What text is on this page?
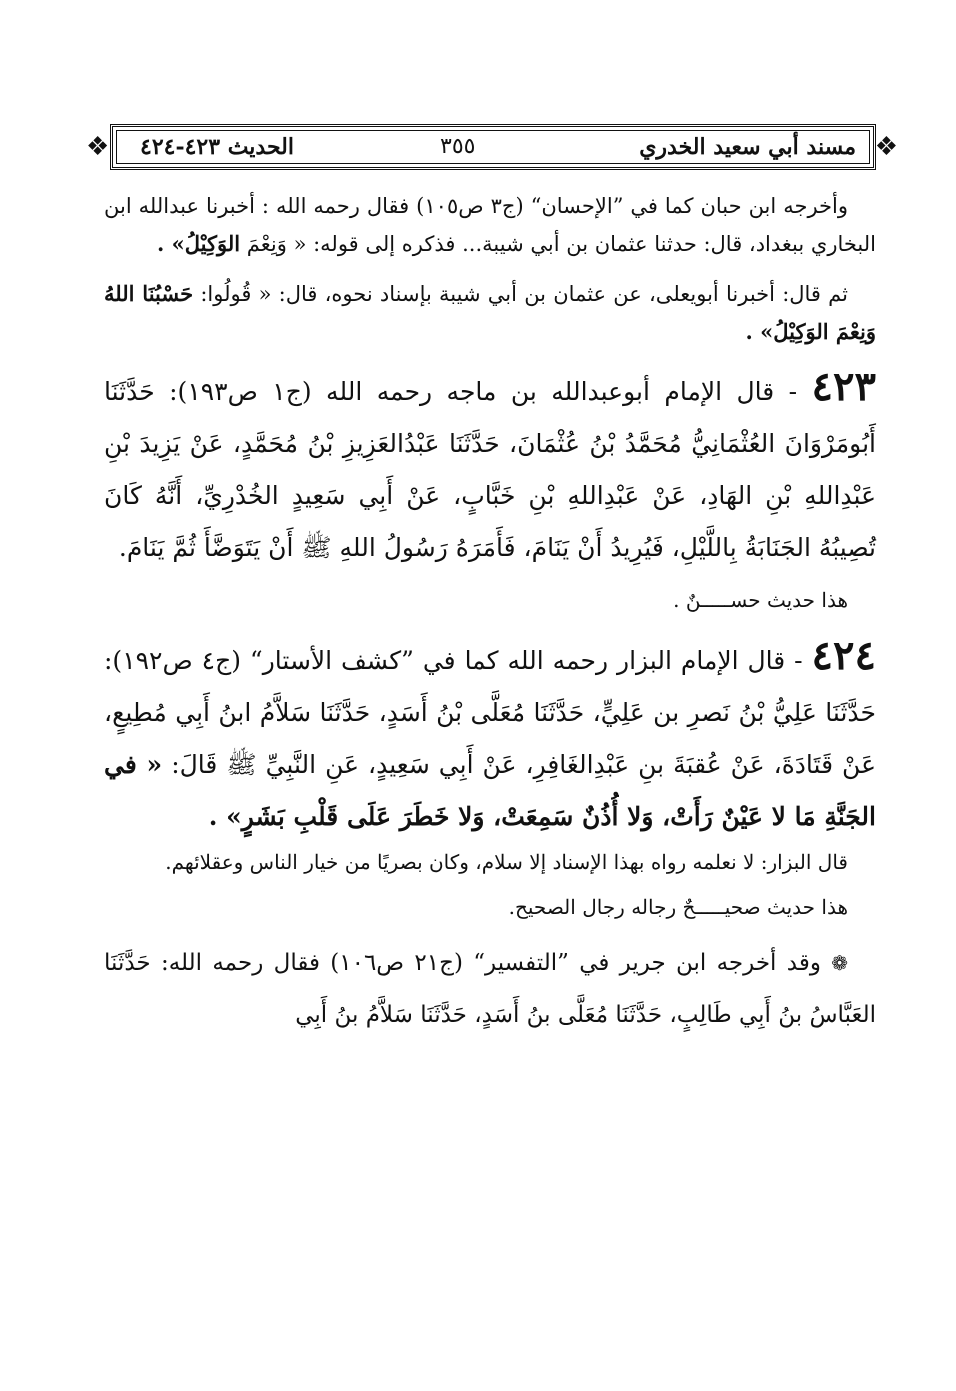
❖	❖
مسند أبي سعيد الخدري
٣٥٥
الحديث ٤٢٣-٤٢٤

وأخرجه ابن حبان كما في ”الإحسان“ (ج٣ ص١٠٥) فقال رحمه الله : أخبرنا عبدالله ابن البخاري ببغداد، قال: حدثنا عثمان بن أبي شيبة... فذكره إلى قوله: « وَنِعْمَ الوَكِيْلُ» .

ثم قال: أخبرنا أبويعلى، عن عثمان بن أبي شيبة بإسناد نحوه، قال: « قُولُوا: حَسْبُنَا اللهُ وَنِعْمَ الوَكِيْلُ» .

٤٢٣ - قال الإمام أبوعبدالله بن ماجه رحمه الله (ج١ ص١٩٣): حَدَّثَنَا أَبُومَرْوَانَ العُثْمَانِيُّ مُحَمَّدُ بْنُ عُثْمَانَ، حَدَّثَنَا عَبْدُالعَزِيزِ بْنُ مُحَمَّدٍ، عَنْ يَزِيدَ بْنِ عَبْدِاللهِ بْنِ الهَادِ، عَنْ عَبْدِاللهِ بْنِ خَبَّابٍ، عَنْ أَبِي سَعِيدٍ الخُدْرِيِّ، أَنَّهُ كَانَ تُصِيبُهُ الجَنَابَةُ بِاللَّيْلِ، فَيُرِيدُ أَنْ يَنَامَ، فَأَمَرَهُ رَسُولُ اللهِ ﷺ أَنْ يَتَوَضَّأَ ثُمَّ يَنَامَ.

هذا حديث حســـــنٌ .

٤٢٤ - قال الإمام البزار رحمه الله كما في ”كشف الأستار“ (ج٤ ص١٩٢): حَدَّثَنَا عَلِيُّ بْنُ نَصرِ بن عَلِيٍّ، حَدَّثَنَا مُعَلَّى بْنُ أَسَدٍ، حَدَّثَنَا سَلاَّمُ ابنُ أَبِي مُطِيعٍ، عَنْ قَتَادَةَ، عَنْ عُقبَةَ بنِ عَبْدِالغَافِرِ، عَنْ أَبِي سَعِيدٍ، عَنِ النَّبِيِّ ﷺ قَالَ: « في الجَنَّةِ مَا لا عَيْنٌ رَأَتْ، وَلا أُذُنٌ سَمِعَتْ، وَلا خَطَرَ عَلَى قَلْبِ بَشَرٍ» .

قال البزار: لا نعلمه رواه بهذا الإسناد إلا سلام، وكان بصريًا من خيار الناس وعقلائهم.

هذا حديث صحيـــــحٌ رجاله رجال الصحيح.

❁ وقد أخرجه ابن جرير في ”التفسير“ (ج٢١ ص١٠٦) فقال رحمه الله: حَدَّثَنَا العَبَّاسُ بنُ أَبِي طَالِبٍ، حَدَّثَنَا مُعَلَّى بنُ أَسَدٍ، حَدَّثَنَا سَلاَّمُ بنُ أَبِي
